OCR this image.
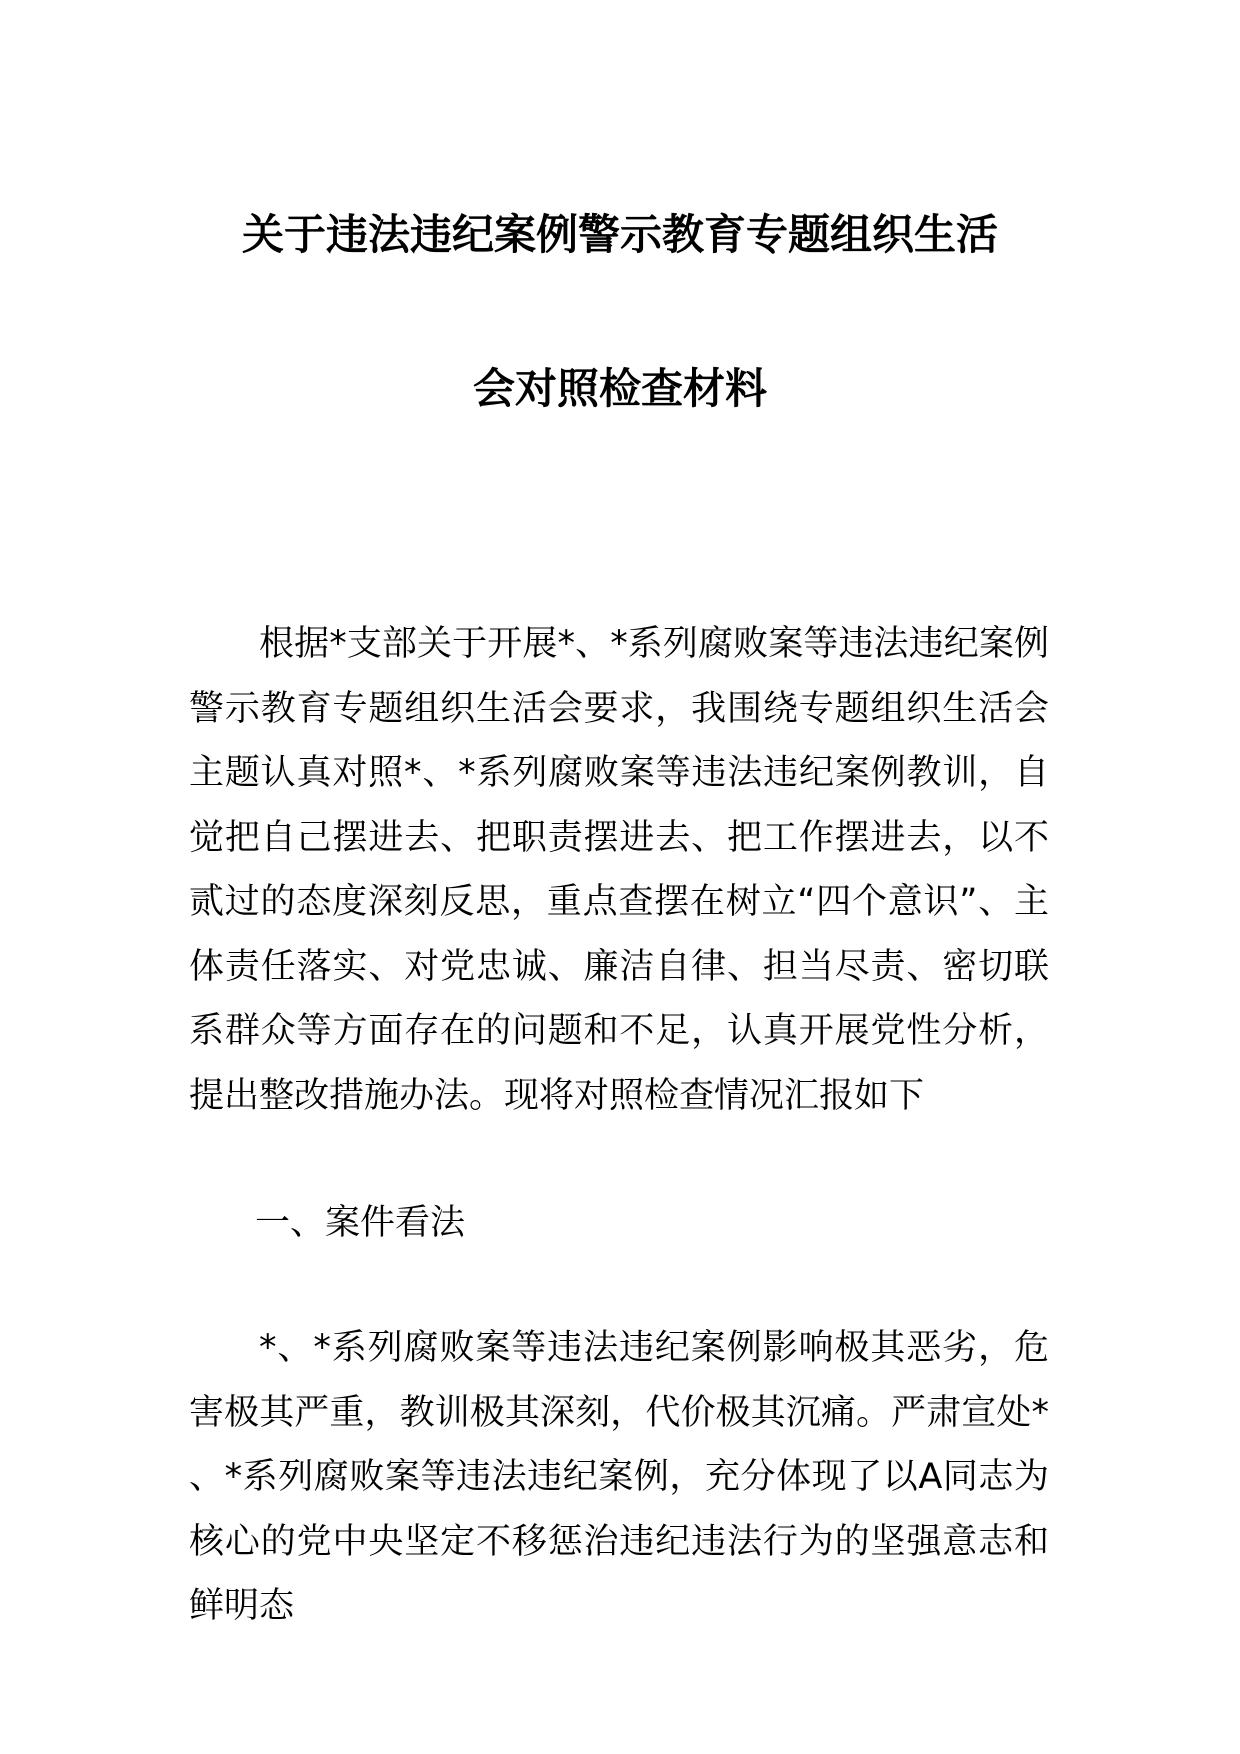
关于违法违纪案例警示教育专题组织生活
会对照检查材料
根据*支部关于开展*、*系列腐败案等违法违纪案例警示教育专题组织生活会要求，我围绕专题组织生活会主题认真对照*、*系列腐败案等违法违纪案例教训，自觉把自己摆进去、把职责摆进去、把工作摆进去，以不贰过的态度深刻反思，重点查摆在树立“四个意识”、主体责任落实、对党忠诚、廉洁自律、担当尽责、密切联系群众等方面存在的问题和不足，认真开展党性分析，提出整改措施办法。现将对照检查情况汇报如下
一、案件看法
*、*系列腐败案等违法违纪案例影响极其恶劣，危害极其严重，教训极其深刻，代价极其沉痛。严肃宣处*、*系列腐败案等违法违纪案例，充分体现了以A同志为核心的党中央坚定不移惩治违纪违法行为的坚强意志和鲜明态
